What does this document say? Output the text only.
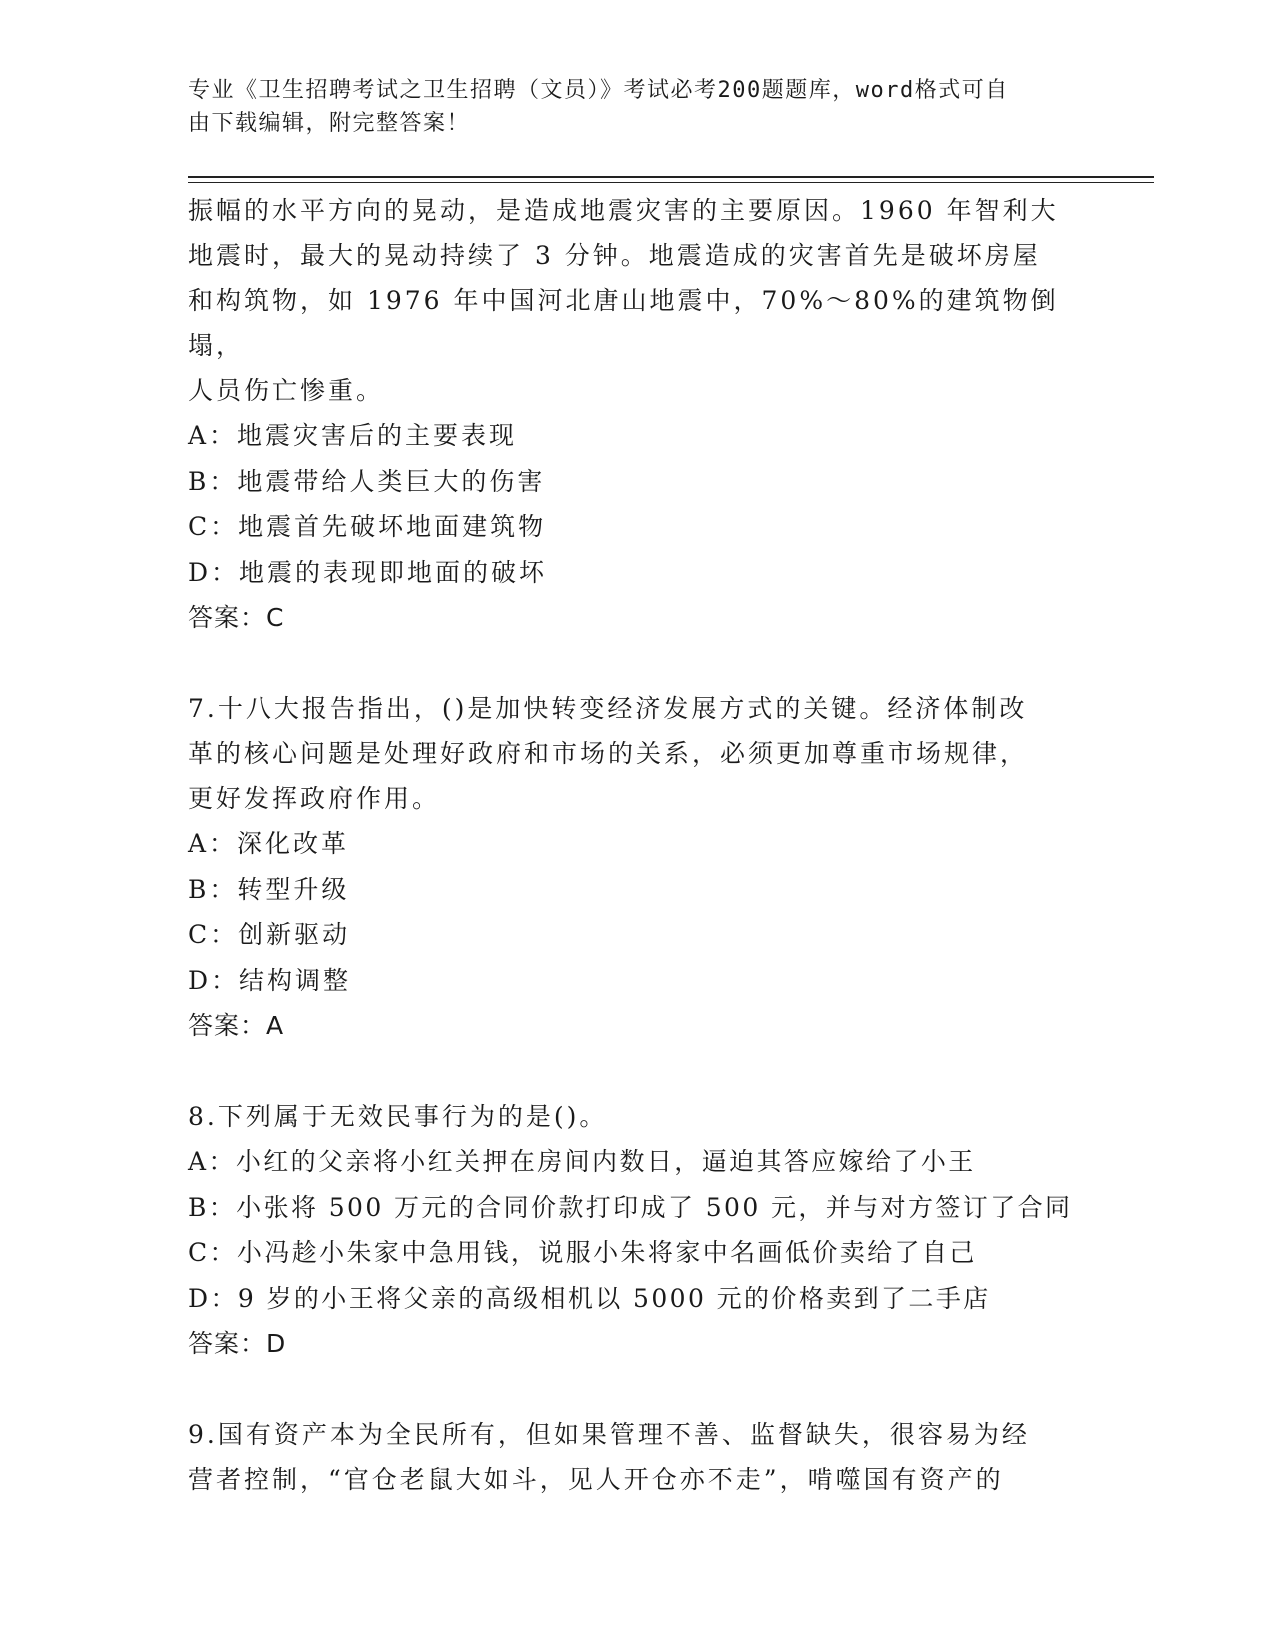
专业《卫生招聘考试之卫生招聘（文员）》考试必考200题题库，word格式可自
由下载编辑，附完整答案！

振幅的水平方向的晃动，是造成地震灾害的主要原因。1960 年智利大

地震时，最大的晃动持续了 3 分钟。地震造成的灾害首先是破坏房屋

和构筑物，如 1976 年中国河北唐山地震中，70%～80%的建筑物倒塌，

人员伤亡惨重。

A：地震灾害后的主要表现

B：地震带给人类巨大的伤害

C：地震首先破坏地面建筑物

D：地震的表现即地面的破坏

答案：C

7.十八大报告指出，()是加快转变经济发展方式的关键。经济体制改

革的核心问题是处理好政府和市场的关系，必须更加尊重市场规律，

更好发挥政府作用。

A：深化改革

B：转型升级

C：创新驱动

D：结构调整

答案：A

8.下列属于无效民事行为的是()。

A：小红的父亲将小红关押在房间内数日，逼迫其答应嫁给了小王

B：小张将 500 万元的合同价款打印成了 500 元，并与对方签订了合同

C：小冯趁小朱家中急用钱，说服小朱将家中名画低价卖给了自己

D：9 岁的小王将父亲的高级相机以 5000 元的价格卖到了二手店

答案：D

9.国有资产本为全民所有，但如果管理不善、监督缺失，很容易为经

营者控制，“官仓老鼠大如斗，见人开仓亦不走”，啃噬国有资产的
